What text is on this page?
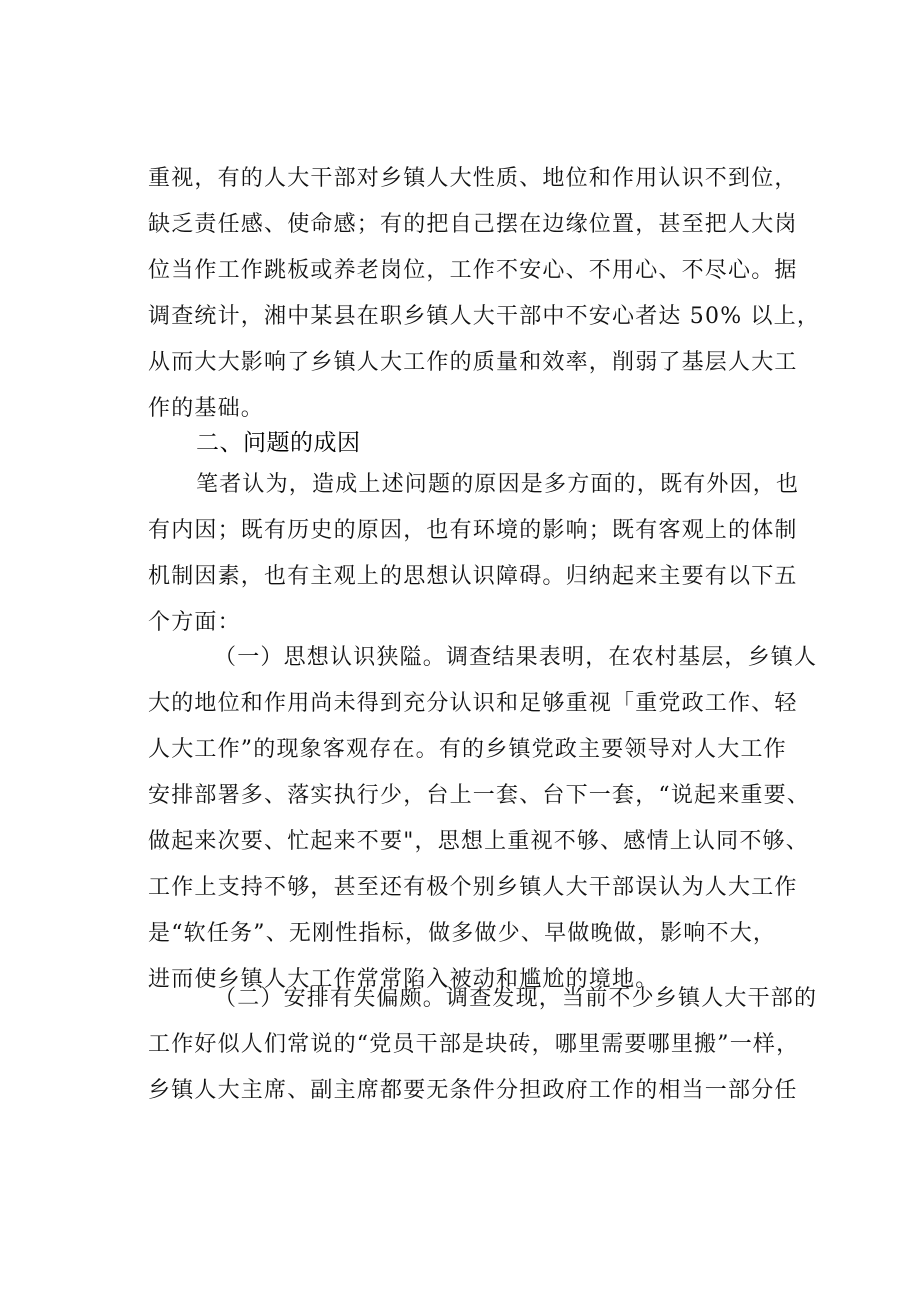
重视，有的人大干部对乡镇人大性质、地位和作用认识不到位，
缺乏责任感、使命感；有的把自己摆在边缘位置，甚至把人大岗
位当作工作跳板或养老岗位，工作不安心、不用心、不尽心。据
调查统计，湘中某县在职乡镇人大干部中不安心者达 50% 以上，
从而大大影响了乡镇人大工作的质量和效率，削弱了基层人大工
作的基础。
二、问题的成因
笔者认为，造成上述问题的原因是多方面的，既有外因，也
有内因；既有历史的原因，也有环境的影响；既有客观上的体制
机制因素，也有主观上的思想认识障碍。归纳起来主要有以下五
个方面：
（一）思想认识狭隘。调查结果表明，在农村基层，乡镇人
大的地位和作用尚未得到充分认识和足够重视「重党政工作、轻
人大工作”的现象客观存在。有的乡镇党政主要领导对人大工作
安排部署多、落实执行少，台上一套、台下一套，“说起来重要、
做起来次要、忙起来不要"，思想上重视不够、感情上认同不够、
工作上支持不够，甚至还有极个别乡镇人大干部误认为人大工作
是“软任务”、无刚性指标，做多做少、早做晚做，影响不大，
进而使乡镇人大工作常常陷入被动和尴尬的境地。
（二）安排有失偏颇。调查发现，当前不少乡镇人大干部的
工作好似人们常说的“党员干部是块砖，哪里需要哪里搬”一样，
乡镇人大主席、副主席都要无条件分担政府工作的相当一部分任
